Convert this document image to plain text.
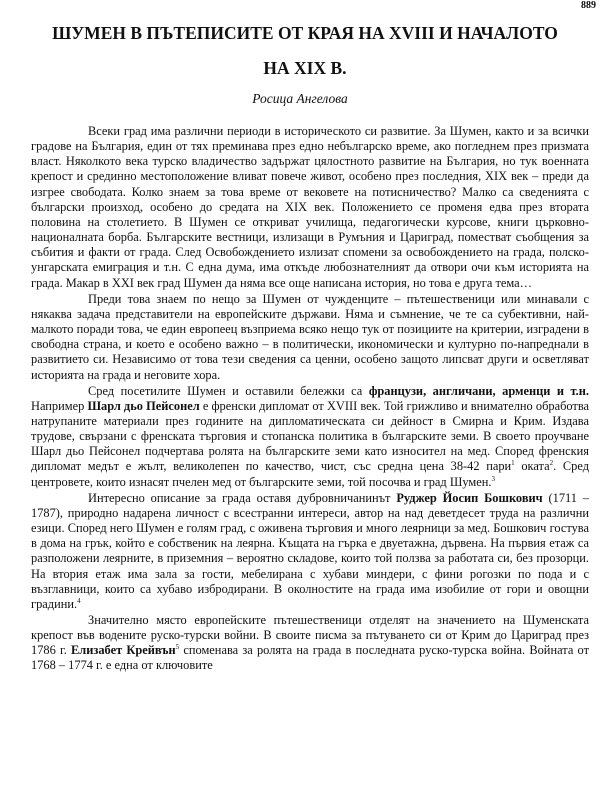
889
ШУМЕН В ПЪТЕПИСИТЕ ОТ КРАЯ НА XVIII И НАЧАЛОТО НА XIX В.
Росица Ангелова

Всеки град има различни периоди в историческото си развитие. За Шумен, както и за всички градове на България, един от тях преминава през едно небългарско време, ако погледнем през призмата власт. Няколкото века турско владичество задържат цялостното развитие на България, но тук военната крепост и срединно местоположение вливат повече живот, особено през последния, XIX век – преди да изгрее свободата. Колко знаем за това време от вековете на потисничество? Малко са сведенията с български произход, особено до средата на XIX век. Положението се променя едва през втората половина на столетието. В Шумен се откриват училища, педагогически курсове, книги църковно-националната борба. Българските вестници, излизащи в Румъния и Цариград, поместват съобщения за събития и факти от града. След Освобождението излизат спомени за освобождението на града, полско-унгарската емиграция и т.н. С една дума, има откъде любознателният да отвори очи към историята на града. Макар в XXI век град Шумен да няма все още написана история, но това е друга тема…

Преди това знаем по нещо за Шумен от чужденците – пътешественици или минавали с някаква задача представители на европейските държави. Няма и съмнение, че те са субективни, най-малкото поради това, че един европеец възприема всяко нещо тук от позициите на критерии, изградени в свободна страна, и което е особено важно – в политически, икономически и културно по-напреднали в развитието си. Независимо от това тези сведения са ценни, особено защото липсват други и осветляват историята на града и неговите хора.

Сред посетилите Шумен и оставили бележки са французи, англичани, арменци и т.н. Например Шарл дьо Пейсонел е френски дипломат от XVIII век. Той грижливо и внимателно обработва натрупаните материали през годините на дипломатическата си дейност в Смирна и Крим. Издава трудове, свързани с френската търговия и стопанска политика в българските земи. В своето проучване Шарл дьо Пейсонел подчертава ролята на българските земи като износител на мед. Според френския дипломат медът е жълт, великолепен по качество, чист, със средна цена 38-42 пари$^1$ оката$^2$. Сред центровете, които изнасят пчелен мед от българските земи, той посочва и град Шумен.$^3$

Интересно описание за града оставя дубровничанинът Руджер Йосип Бошкович (1711 – 1787), природно надарена личност с всестранни интереси, автор на над деветдесет труда на различни езици. Според него Шумен е голям град, с оживена търговия и много леярници за мед. Бошкович гостува в дома на грък, който е собственик на леярна. Къщата на гърка е двуетажна, дървена. На първия етаж са разположени леярните, в приземния – вероятно складове, които той ползва за работата си, без прозорци. На втория етаж има зала за гости, мебелирана с хубави миндери, с фини рогозки по пода и с възглавници, които са хубаво избродирани. В околностите на града има изобилие от гори и овощни градини.$^4$

Значително място европейските пътешественици отделят на значението на Шуменската крепост във водените руско-турски войни. В своите писма за пътуването си от Крим до Цариград през 1786 г. Елизабет Крейвън$^5$ споменава за ролята на града в последната руско-турска война. Войната от 1768 – 1774 г. е една от ключовите
